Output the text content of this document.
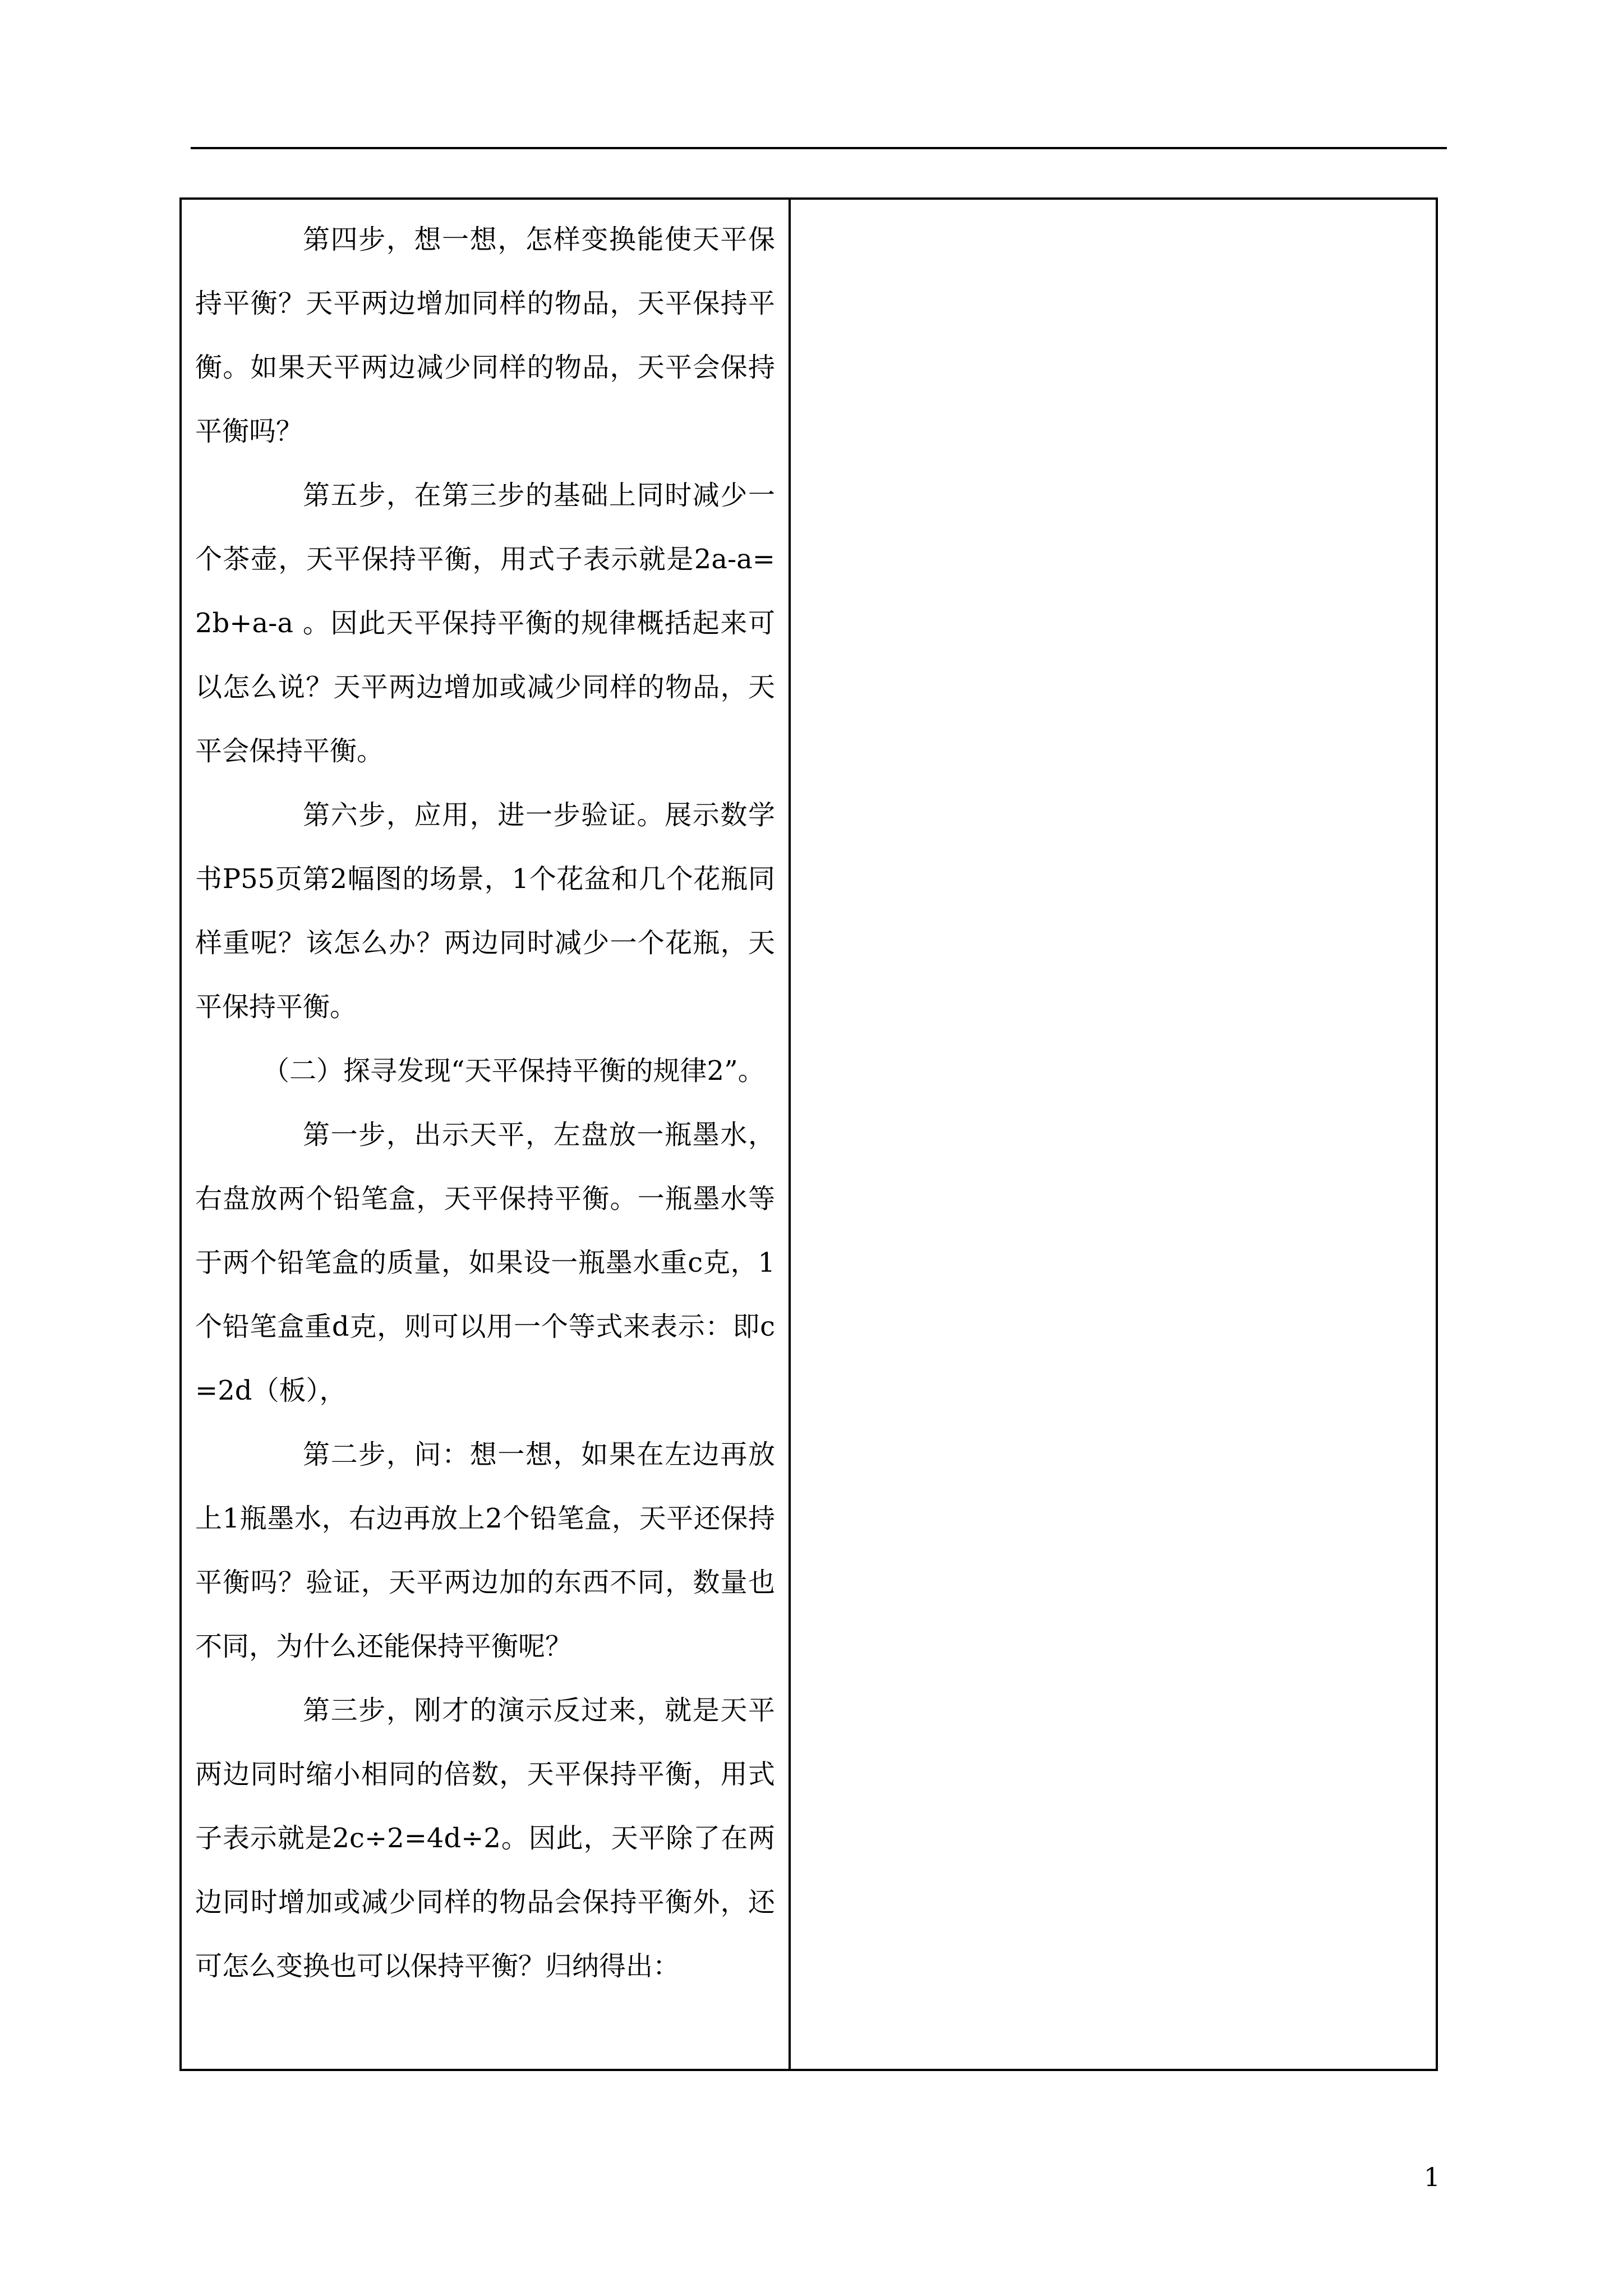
第四步，想一想，怎样变换能使天平保持平衡？天平两边增加同样的物品，天平保持平衡。如果天平两边减少同样的物品，天平会保持平衡吗？

第五步，在第三步的基础上同时减少一个茶壶，天平保持平衡，用式子表示就是2a-a=2b+a-a 。因此天平保持平衡的规律概括起来可以怎么说？天平两边增加或减少同样的物品，天平会保持平衡。

第六步，应用，进一步验证。展示数学书P55页第2幅图的场景，1个花盆和几个花瓶同样重呢？该怎么办？两边同时减少一个花瓶，天平保持平衡。

（二）探寻发现“天平保持平衡的规律2”。

第一步，出示天平，左盘放一瓶墨水，右盘放两个铅笔盒，天平保持平衡。一瓶墨水等于两个铅笔盒的质量，如果设一瓶墨水重c克，1个铅笔盒重d克，则可以用一个等式来表示：即c=2d（板），

第二步，问：想一想，如果在左边再放上1瓶墨水，右边再放上2个铅笔盒，天平还保持平衡吗？验证，天平两边加的东西不同，数量也不同，为什么还能保持平衡呢？

第三步，刚才的演示反过来，就是天平两边同时缩小相同的倍数，天平保持平衡，用式子表示就是2c÷2=4d÷2。因此，天平除了在两边同时增加或减少同样的物品会保持平衡外，还可怎么变换也可以保持平衡？归纳得出：

1
